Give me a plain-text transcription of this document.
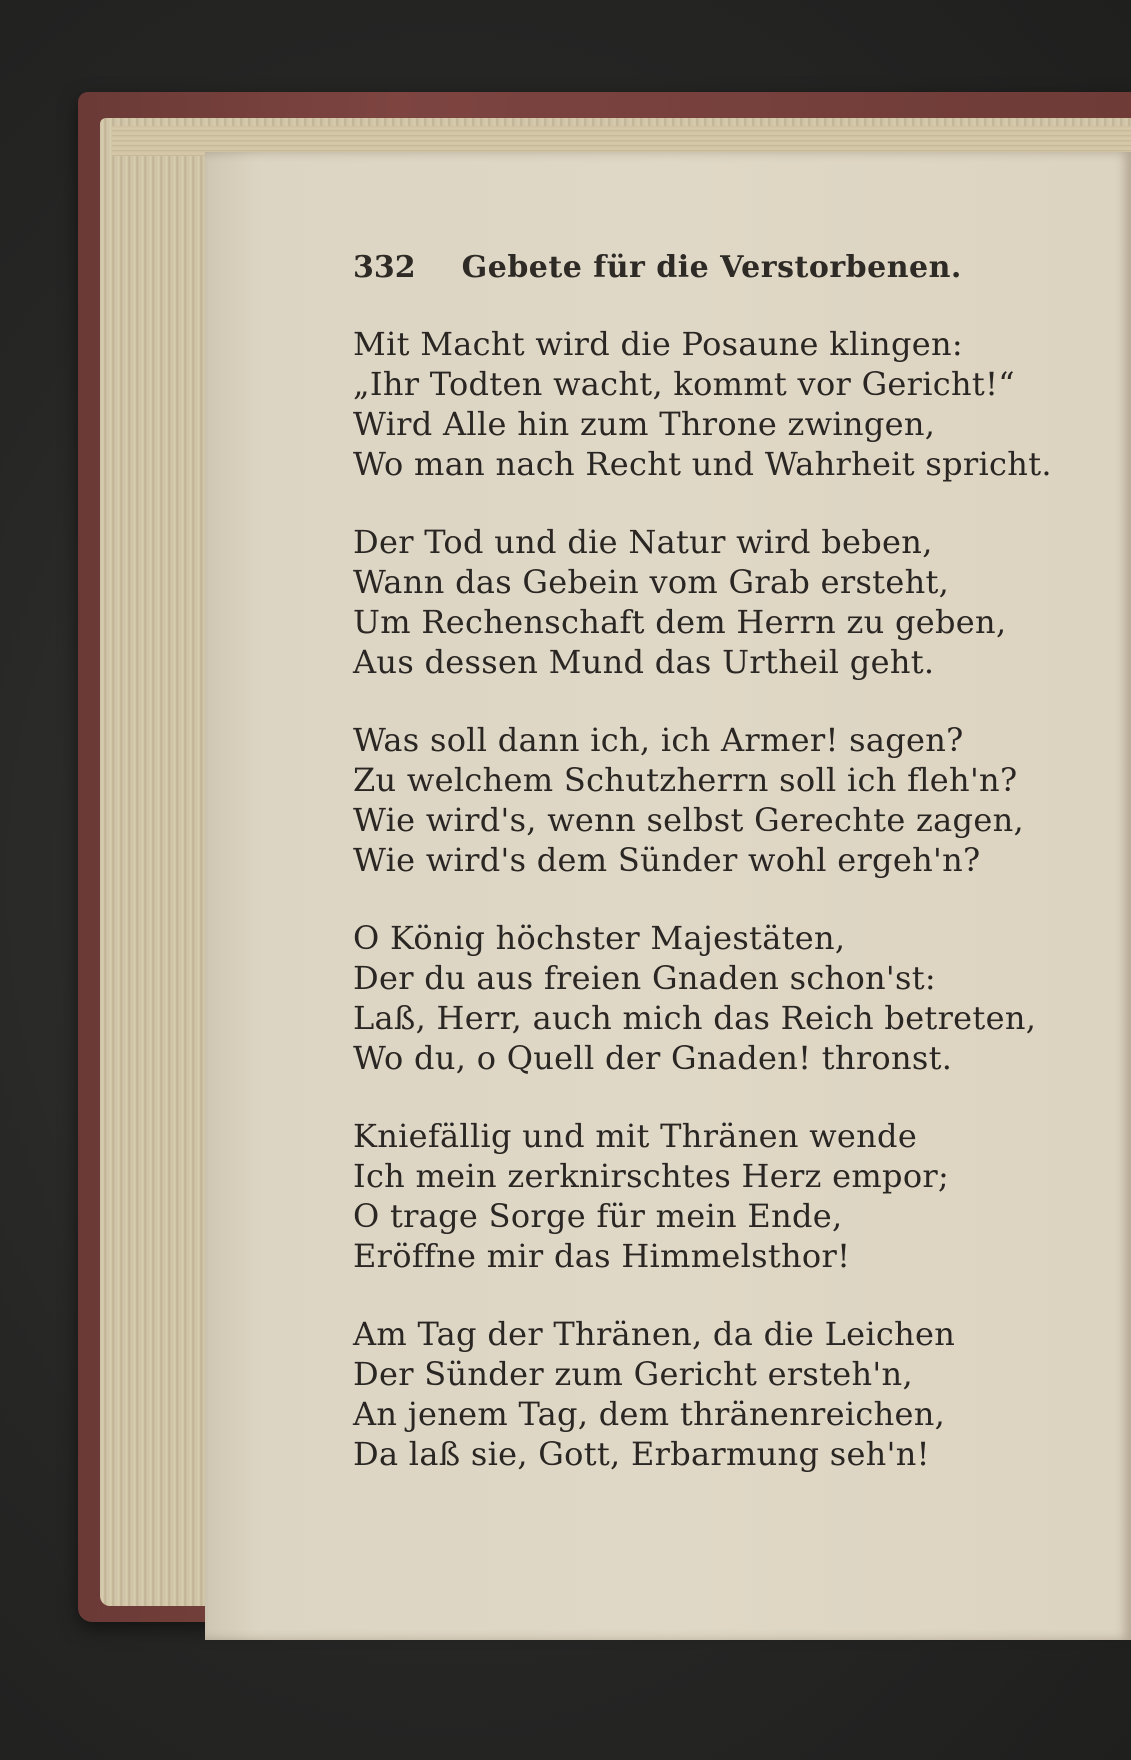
332 Gebete für die Verstorbenen.
Mit Macht wird die Posaune klingen:
„Ihr Todten wacht, kommt vor Gericht!“
Wird Alle hin zum Throne zwingen,
Wo man nach Recht und Wahrheit spricht.
Der Tod und die Natur wird beben,
Wann das Gebein vom Grab ersteht,
Um Rechenschaft dem Herrn zu geben,
Aus dessen Mund das Urtheil geht.
Was soll dann ich, ich Armer! sagen?
Zu welchem Schutzherrn soll ich fleh'n?
Wie wird's, wenn selbst Gerechte zagen,
Wie wird's dem Sünder wohl ergeh'n?
O König höchster Majestäten,
Der du aus freien Gnaden schon'st:
Laß, Herr, auch mich das Reich betreten,
Wo du, o Quell der Gnaden! thronst.
Kniefällig und mit Thränen wende
Ich mein zerknirschtes Herz empor;
O trage Sorge für mein Ende,
Eröffne mir das Himmelsthor!
Am Tag der Thränen, da die Leichen
Der Sünder zum Gericht ersteh'n,
An jenem Tag, dem thränenreichen,
Da laß sie, Gott, Erbarmung seh'n!
